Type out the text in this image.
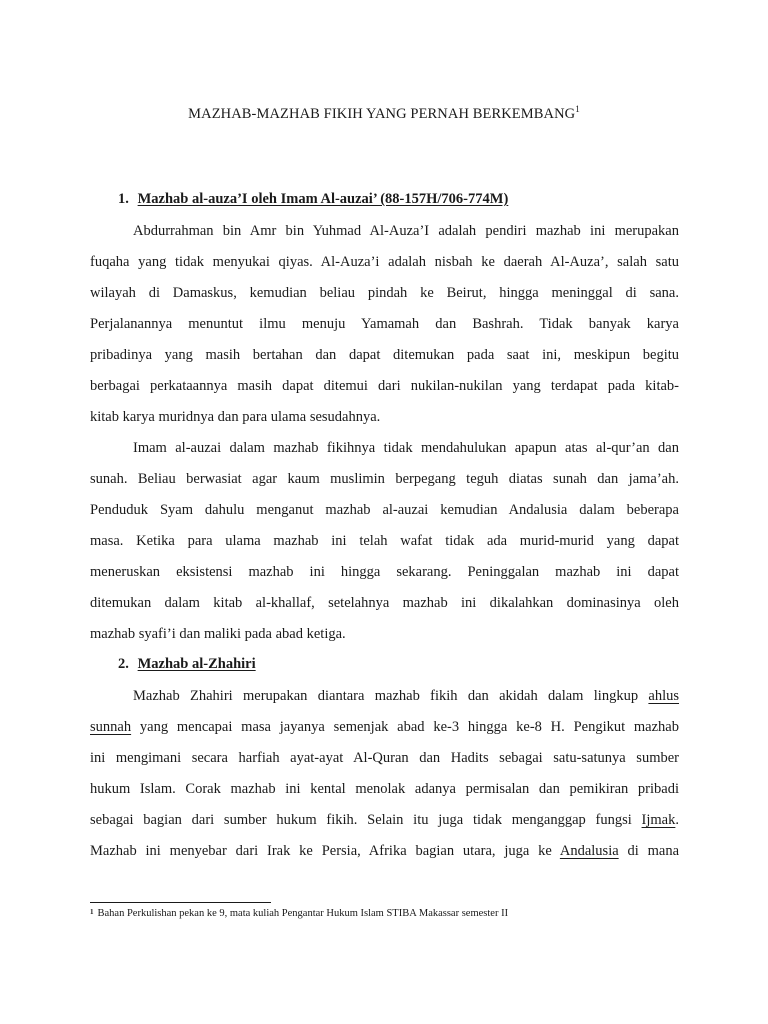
MAZHAB-MAZHAB FIKIH YANG PERNAH BERKEMBANG$^1$
1. Mazhab al-auza’I oleh Imam Al-auzai’ (88-157H/706-774M)
Abdurrahman bin Amr bin Yuhmad Al-Auza’I adalah pendiri mazhab ini merupakan
fuqaha yang tidak menyukai qiyas. Al-Auza’i adalah nisbah ke daerah Al-Auza’, salah satu
wilayah di Damaskus, kemudian beliau pindah ke Beirut, hingga meninggal di sana.
Perjalanannya menuntut ilmu menuju Yamamah dan Bashrah. Tidak banyak karya
pribadinya yang masih bertahan dan dapat ditemukan pada saat ini, meskipun begitu
berbagai perkataannya masih dapat ditemui dari nukilan-nukilan yang terdapat pada kitab-
kitab karya muridnya dan para ulama sesudahnya.
Imam al-auzai dalam mazhab fikihnya tidak mendahulukan apapun atas al-qur’an dan
sunah. Beliau berwasiat agar kaum muslimin berpegang teguh diatas sunah dan jama’ah.
Penduduk Syam dahulu menganut mazhab al-auzai kemudian Andalusia dalam beberapa
masa. Ketika para ulama mazhab ini telah wafat tidak ada murid-murid yang dapat
meneruskan eksistensi mazhab ini hingga sekarang. Peninggalan mazhab ini dapat
ditemukan dalam kitab al-khallaf, setelahnya mazhab ini dikalahkan dominasinya oleh
mazhab syafi’i dan maliki pada abad ketiga.
2. Mazhab al-Zhahiri
Mazhab Zhahiri merupakan diantara mazhab fikih dan akidah dalam lingkup ahlus
sunnah yang mencapai masa jayanya semenjak abad ke-3 hingga ke-8 H. Pengikut mazhab
ini mengimani secara harfiah ayat-ayat Al-Quran dan Hadits sebagai satu-satunya sumber
hukum Islam. Corak mazhab ini kental menolak adanya permisalan dan pemikiran pribadi
sebagai bagian dari sumber hukum fikih. Selain itu juga tidak menganggap fungsi Ijmak.
Mazhab ini menyebar dari Irak ke Persia, Afrika bagian utara, juga ke Andalusia di mana
$^1$ Bahan Perkulishan pekan ke 9, mata kuliah Pengantar Hukum Islam STIBA Makassar semester II
